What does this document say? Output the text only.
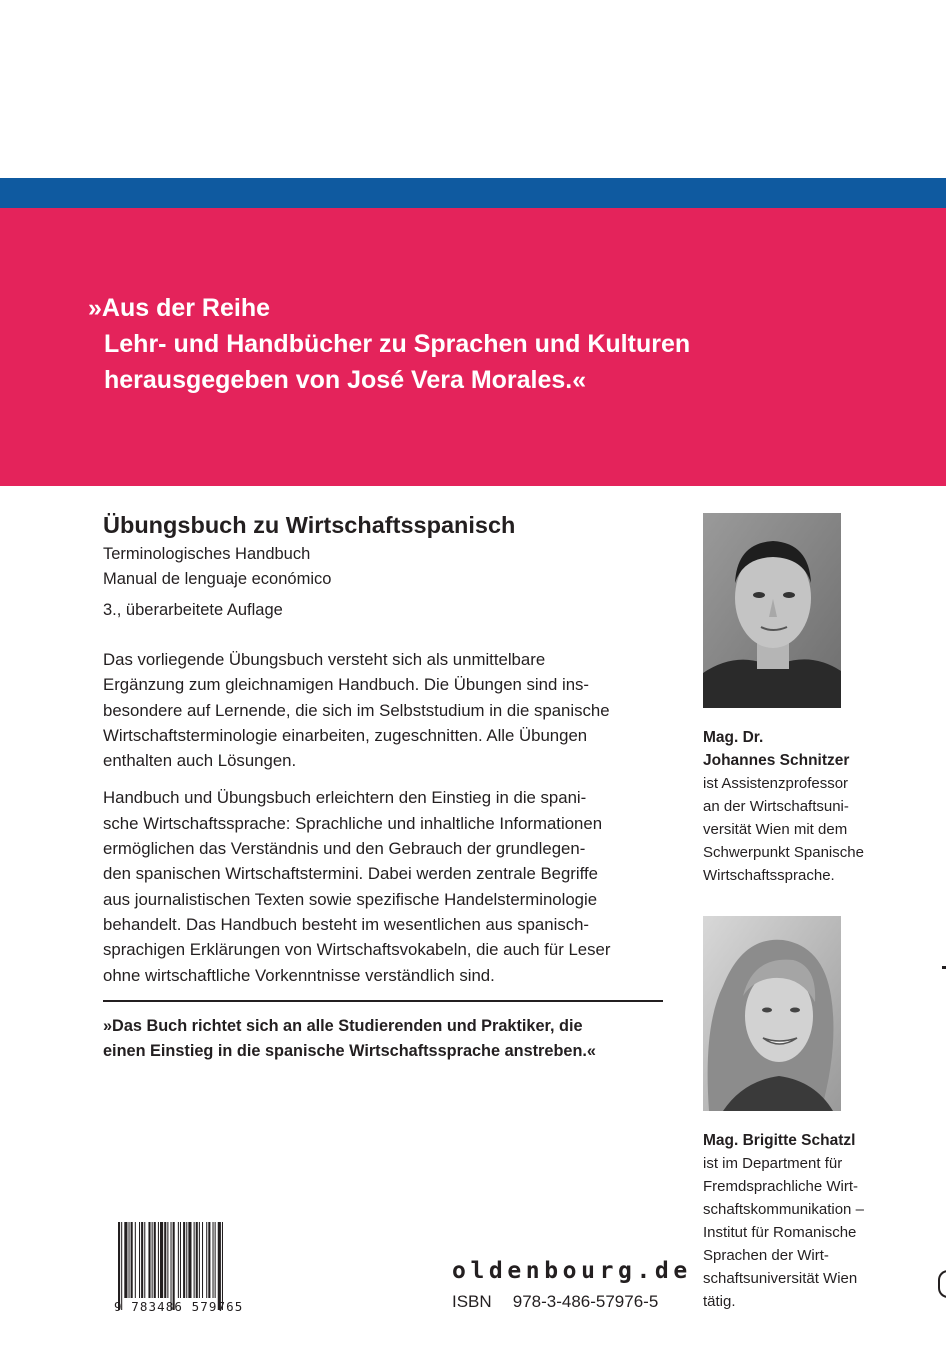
»Aus der Reihe
Lehr- und Handbücher zu Sprachen und Kulturen
herausgegeben von José Vera Morales.«
Übungsbuch zu Wirtschaftsspanisch
Terminologisches Handbuch
Manual de lenguaje económico
3., überarbeitete Auflage

Das vorliegende Übungsbuch versteht sich als unmittelbare
Ergänzung zum gleichnamigen Handbuch. Die Übungen sind ins-
besondere auf Lernende, die sich im Selbststudium in die spanische
Wirtschaftsterminologie einarbeiten, zugeschnitten. Alle Übungen
enthalten auch Lösungen.

Handbuch und Übungsbuch erleichtern den Einstieg in die spani-
sche Wirtschaftssprache: Sprachliche und inhaltliche Informationen
ermöglichen das Verständnis und den Gebrauch der grundlegen-
den spanischen Wirtschaftstermini. Dabei werden zentrale Begriffe
aus journalistischen Texten sowie spezifische Handelsterminologie
behandelt. Das Handbuch besteht im wesentlichen aus spanisch-
sprachigen Erklärungen von Wirtschaftsvokabeln, die auch für Leser
ohne wirtschaftliche Vorkenntnisse verständlich sind.

»Das Buch richtet sich an alle Studierenden und Praktiker, die
einen Einstieg in die spanische Wirtschaftssprache anstreben.«
Mag. Dr.
Johannes Schnitzer
ist Assistenzprofessor
an der Wirtschaftsuni-
versität Wien mit dem
Schwerpunkt Spanische
Wirtschaftssprache.
Mag. Brigitte Schatzl
ist im Department für
Fremdsprachliche Wirt-
schaftskommunikation –
Institut für Romanische
Sprachen der Wirt-
schaftsuniversität Wien
tätig.
9 783486 579765
oldenbourg.de
ISBN 978-3-486-57976-5
